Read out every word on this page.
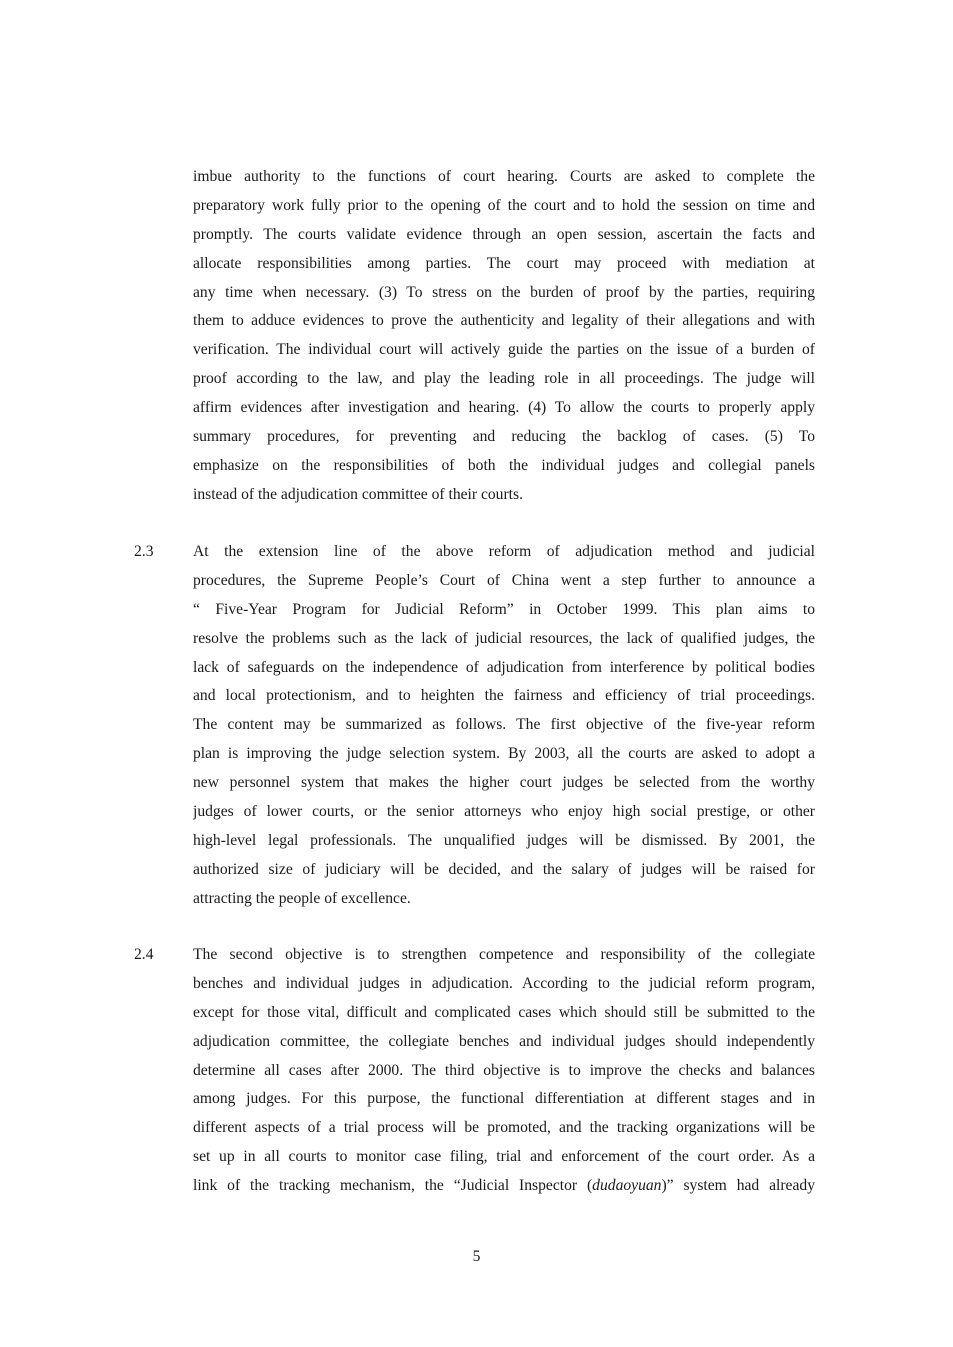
imbue authority to the functions of court hearing. Courts are asked to complete the
preparatory work fully prior to the opening of the court and to hold the session on time and
promptly. The courts validate evidence through an open session, ascertain the facts and
allocate responsibilities among parties. The court may proceed with mediation at
any time when necessary. (3) To stress on the burden of proof by the parties, requiring
them to adduce evidences to prove the authenticity and legality of their allegations and with
verification. The individual court will actively guide the parties on the issue of a burden of
proof according to the law, and play the leading role in all proceedings. The judge will
affirm evidences after investigation and hearing. (4) To allow the courts to properly apply
summary procedures, for preventing and reducing the backlog of cases. (5) To
emphasize on the responsibilities of both the individual judges and collegial panels
instead of the adjudication committee of their courts.
2.3	At the extension line of the above reform of adjudication method and judicial
procedures, the Supreme People’s Court of China went a step further to announce a
“ Five-Year Program for Judicial Reform” in October 1999. This plan aims to
resolve the problems such as the lack of judicial resources, the lack of qualified judges, the
lack of safeguards on the independence of adjudication from interference by political bodies
and local protectionism, and to heighten the fairness and efficiency of trial proceedings.
The content may be summarized as follows. The first objective of the five-year reform
plan is improving the judge selection system. By 2003, all the courts are asked to adopt a
new personnel system that makes the higher court judges be selected from the worthy
judges of lower courts, or the senior attorneys who enjoy high social prestige, or other
high-level legal professionals. The unqualified judges will be dismissed. By 2001, the
authorized size of judiciary will be decided, and the salary of judges will be raised for
attracting the people of excellence.
2.4	The second objective is to strengthen competence and responsibility of the collegiate
benches and individual judges in adjudication. According to the judicial reform program,
except for those vital, difficult and complicated cases which should still be submitted to the
adjudication committee, the collegiate benches and individual judges should independently
determine all cases after 2000. The third objective is to improve the checks and balances
among judges. For this purpose, the functional differentiation at different stages and in
different aspects of a trial process will be promoted, and the tracking organizations will be
set up in all courts to monitor case filing, trial and enforcement of the court order. As a
link of the tracking mechanism, the “Judicial Inspector (dudaoyuan)” system had already
5
